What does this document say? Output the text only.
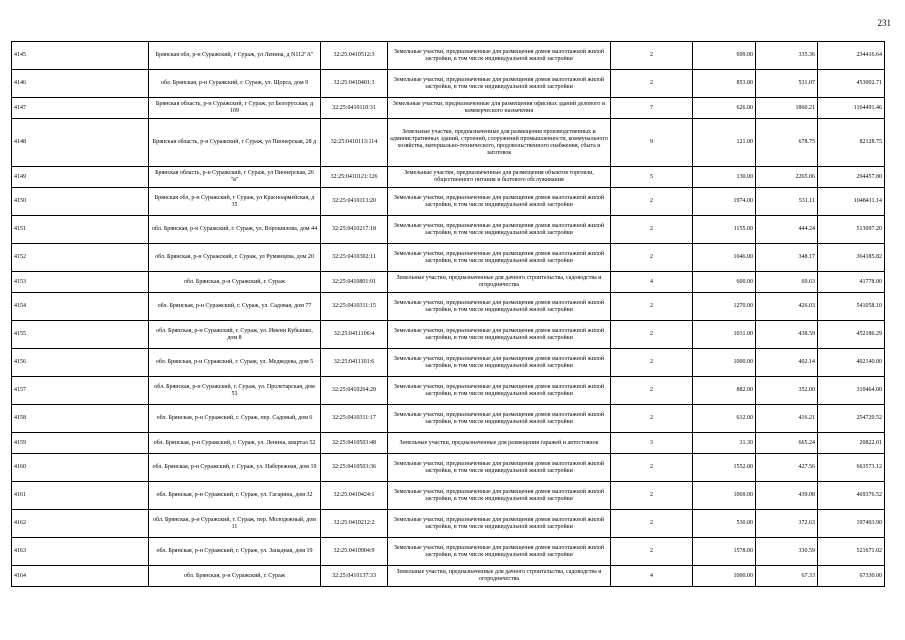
231
4145	Брянская обл, р-н Суражский, г Сураж, ул Ленина, д N112"А"	32:25:0410512:3	Земельные участки, предназначенные для размещения домов малоэтажной жилой застройки, в том числе индивидуальной жилой застройки	2	699.00	335.36	234416.64
4146	обл. Брянская, р-н Суражский, г. Сураж, ул. Щорса, дом 9	32:25:0410401:3	Земельные участки, предназначенные для размещения домов малоэтажной жилой застройки, в том числе индивидуальной жилой застройки	2	853.00	531.07	453002.71
4147	Брянская область, р-н Суражский, г Сураж, ул Белорусская, д 109	32:25:0410110:31	Земельные участки, предназначенные для размещения офисных зданий делового и коммерческого назначения	7	626.00	1860.21	1164491.46
4148	Брянская область, р-н Суражский, г Сураж, ул Пионерская, 28 д	32:25:0410113:114	Земельные участки, предназначенные для размещения производственных и административных зданий, строений, сооружений промышленности, коммунального хозяйства, материально-технического, продовольственного снабжения, сбыта и заготовок	9	121.00	678.75	82128.75
4149	Брянская область, р-н Суражский, г Сураж, ул Пионерская, 26 "в"	32:25:0410121:126	Земельные участки, предназначенные для размещения объектов торговли, общественного питания и бытового обслуживания	5	130.00	2265.06	294457.80
4150	Брянская обл, р-н Суражский, г Сураж, ул Красноармейская, д 35	32:25:0410113:20	Земельные участки, предназначенные для размещения домов малоэтажной жилой застройки, в том числе индивидуальной жилой застройки	2	1974.00	531.11	1048411.14
4151	обл. Брянская, р-н Суражский, г. Сураж, ул. Ворошилова, дом 44	32:25:0410217:18	Земельные участки, предназначенные для размещения домов малоэтажной жилой застройки, в том числе индивидуальной жилой застройки	2	1155.00	444.24	513097.20
4152	обл. Брянская, р-н Суражский, г. Сураж, ул Румянцева, дом 20	32:25:0410302:11	Земельные участки, предназначенные для размещения домов малоэтажной жилой застройки, в том числе индивидуальной жилой застройки	2	1046.00	348.17	364185.82
4153	обл. Брянская, р-н Суражский, г. Сураж	32:25:0410801:91	Земельные участки, предназначенные для дачного строительства, садоводства и огородничества	4	600.00	69.63	41778.00
4154	обл. Брянская, р-н Суражский, г. Сураж, ул. Садовая, дом 77	32:25:0410311:15	Земельные участки, предназначенные для размещения домов малоэтажной жилой застройки, в том числе индивидуальной жилой застройки	2	1270.00	426.03	541058.10
4155	обл. Брянская, р-н Суражский, г. Сураж, ул. Имени Кубышко, дом 8	32:25:0411106:4	Земельные участки, предназначенные для размещения домов малоэтажной жилой застройки, в том числе индивидуальной жилой застройки	2	1031.00	438.59	452186.29
4156	обл. Брянская, р-н Суражский, г. Сураж, ул. Медведева, дом 5	32:25:0411101:6	Земельные участки, предназначенные для размещения домов малоэтажной жилой застройки, в том числе индивидуальной жилой застройки	2	1000.00	402.14	402140.00
4157	обл. Брянская, р-н Суражский, г. Сураж, ул. Пролетарская, дом 53	32:25:0410204:20	Земельные участки, предназначенные для размещения домов малоэтажной жилой застройки, в том числе индивидуальной жилой застройки	2	882.00	352.00	310464.00
4158	обл. Брянская, р-н Суражский, г. Сураж, пер. Садовый, дом 6	32:25:0410311:17	Земельные участки, предназначенные для размещения домов малоэтажной жилой застройки, в том числе индивидуальной жилой застройки	2	612.00	416.21	254720.52
4159	обл. Брянская, р-н Суражский, г. Сураж, ул. Ленина, квартал 52	32:25:0410503:48	Земельные участки, предназначенные для размещения гаражей и автостоянок	3	31.30	665.24	20822.01
4160	обл. Брянская, р-н Суражский, г. Сураж, ул. Набережная, дом 19	32:25:0410503:36	Земельные участки, предназначенные для размещения домов малоэтажной жилой застройки, в том числе индивидуальной жилой застройки	2	1552.00	427.56	663573.12
4161	обл. Брянская, р-н Суражский, г. Сураж, ул. Гагарина, дом 32	32:25:0410424:1	Земельные участки, предназначенные для размещения домов малоэтажной жилой застройки, в том числе индивидуальной жилой застройки	2	1069.00	439.08	469376.52
4162	обл. Брянская, р-н Суражский, г. Сураж, пер. Молодежный, дом 11	32:25:0410212:2	Земельные участки, предназначенные для размещения домов малоэтажной жилой застройки, в том числе индивидуальной жилой застройки	2	530.00	372.63	197493.90
4163	обл. Брянская, р-н Суражский, г. Сураж, ул. Западная, дом 19	32:25:0410904:9	Земельные участки, предназначенные для размещения домов малоэтажной жилой застройки, в том числе индивидуальной жилой застройки	2	1578.00	330.59	521671.02
4164	обл. Брянская, р-н Суражский, г. Сураж	32:25:0410137:33	Земельные участки, предназначенные для дачного строительства, садоводства и огородничества	4	1000.00	67.33	67330.00
